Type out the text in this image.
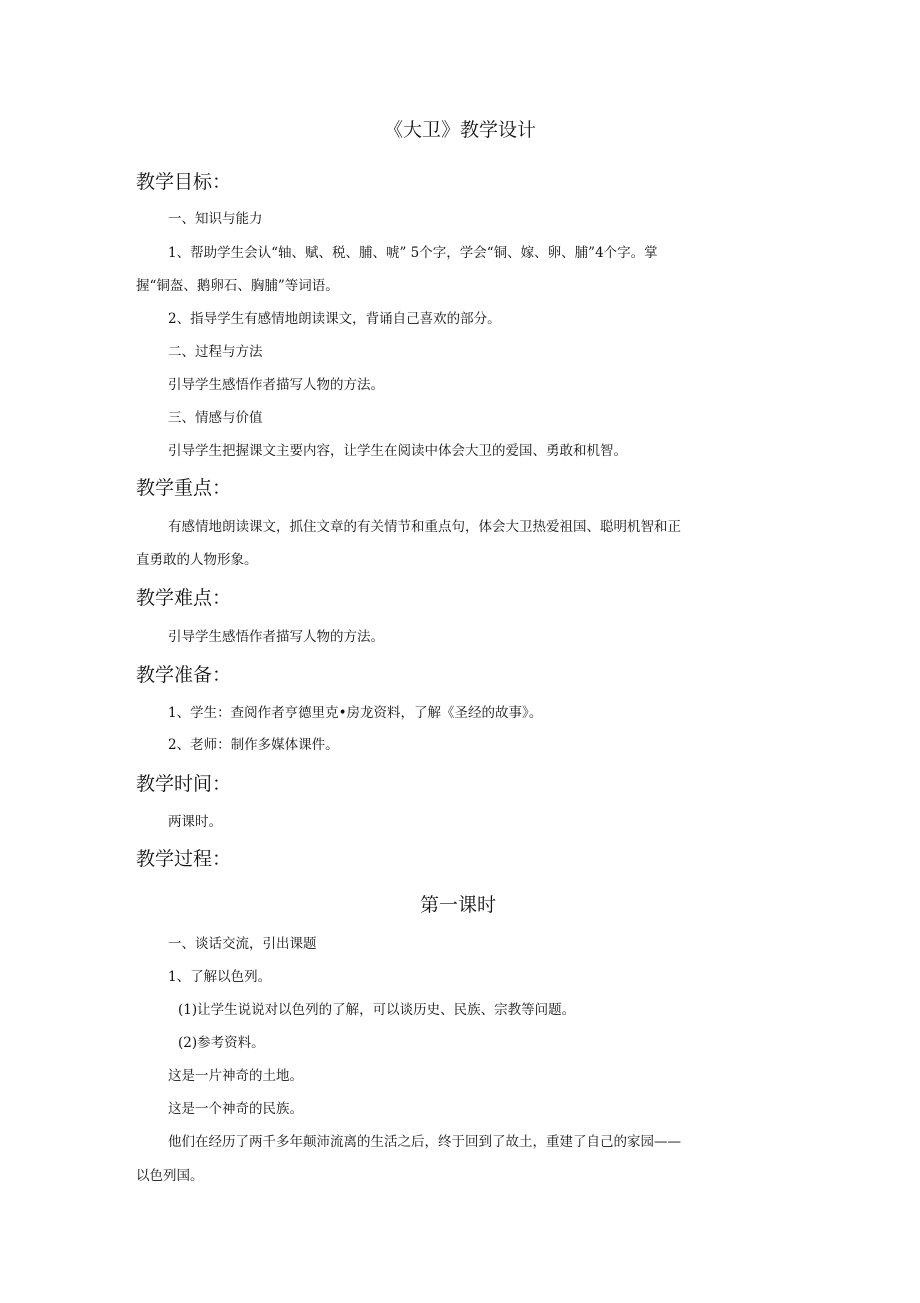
《大卫》教学设计
教学目标：
一、知识与能力
1、帮助学生会认“轴、赋、税、脯、唬” 5个字，学会“铜、嫁、卵、脯”4个字。掌
握“铜盔、鹅卵石、胸脯”等词语。
2、指导学生有感情地朗读课文，背诵自己喜欢的部分。
二、过程与方法
引导学生感悟作者描写人物的方法。
三、情感与价值
引导学生把握课文主要内容，让学生在阅读中体会大卫的爱国、勇敢和机智。
教学重点：
有感情地朗读课文，抓住文章的有关情节和重点句，体会大卫热爱祖国、聪明机智和正
直勇敢的人物形象。
教学难点：
引导学生感悟作者描写人物的方法。
教学准备：
1、学生：查阅作者亨德里克•房龙资料，了解《圣经的故事》。
2、老师：制作多媒体课件。
教学时间：
两课时。
教学过程：
第一课时
一、谈话交流，引出课题
1、了解以色列。
(1)让学生说说对以色列的了解，可以谈历史、民族、宗教等问题。
(2)参考资料。
这是一片神奇的土地。
这是一个神奇的民族。
他们在经历了两千多年颠沛流离的生活之后，终于回到了故土，重建了自己的家园——
以色列国。
